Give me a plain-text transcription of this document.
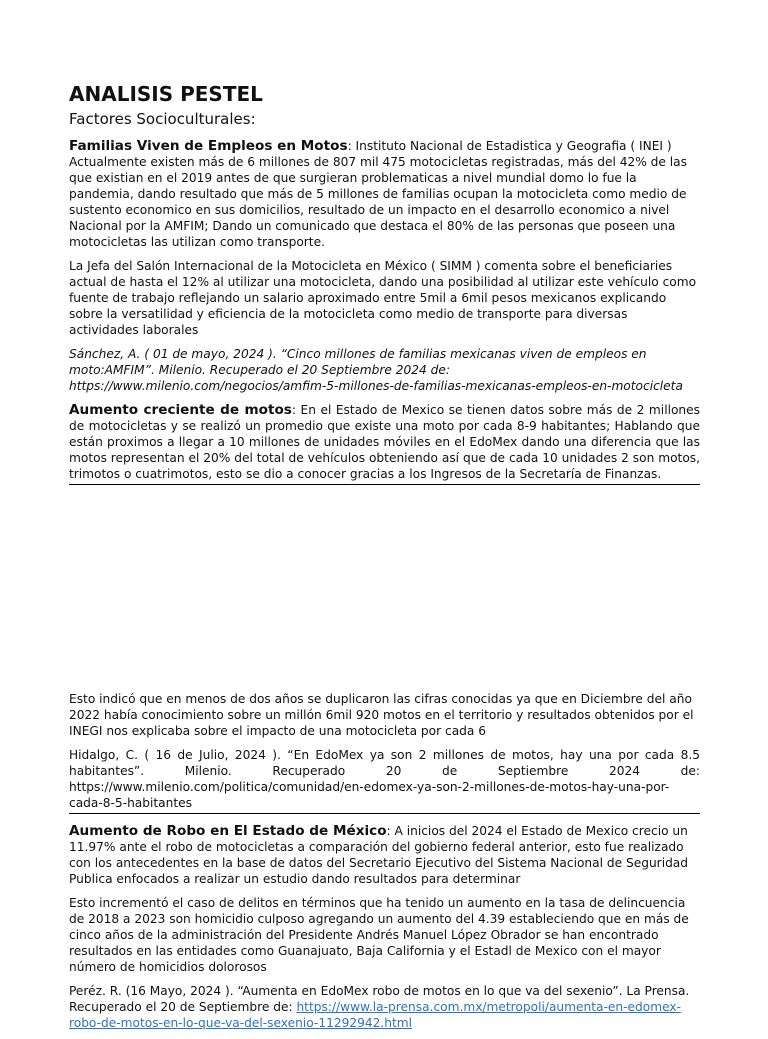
ANALISIS PESTEL
Factores Socioculturales:

Familias Viven de Empleos en Motos: Instituto Nacional de Estadistica y Geografia ( INEI ) Actualmente existen más de 6 millones de 807 mil 475 motocicletas registradas, más del 42% de las que existian en el 2019 antes de que surgieran problematicas a nivel mundial domo lo fue la pandemia, dando resultado que más de 5 millones de familias ocupan la motocicleta como medio de sustento economico en sus domicilios, resultado de un impacto en el desarrollo economico a nivel Nacional por la AMFIM; Dando un comunicado que destaca el 80% de las personas que poseen una motocicletas las utilizan como transporte.

La Jefa del Salón Internacional de la Motocicleta en México ( SIMM ) comenta sobre el beneficiaries actual de hasta el 12% al utilizar una motocicleta, dando una posibilidad al utilizar este vehículo como fuente de trabajo reflejando un salario aproximado entre 5mil a 6mil pesos mexicanos explicando sobre la versatilidad y eficiencia de la motocicleta como medio de transporte para diversas actividades laborales

Sánchez, A. ( 01 de mayo, 2024 ). “Cinco millones de familias mexicanas viven de empleos en moto:AMFIM”. Milenio. Recuperado el 20 Septiembre 2024 de: https://www.milenio.com/negocios/amfim-5-millones-de-familias-mexicanas-empleos-en-motocicleta

Aumento creciente de motos: En el Estado de Mexico se tienen datos sobre más de 2 millones de motocicletas y se realizó un promedio que existe una moto por cada 8-9 habitantes; Hablando que están proximos a llegar a 10 millones de unidades móviles en el EdoMex dando una diferencia que las motos representan el 20% del total de vehículos obteniendo así que de cada 10 unidades 2 son motos, trimotos o cuatrimotos, esto se dio a conocer gracias a los Ingresos de la Secretaría de Finanzas.

Esto indicó que en menos de dos años se duplicaron las cifras conocidas ya que en Diciembre del año 2022 había conocimiento sobre un millón 6mil 920 motos en el territorio y resultados obtenidos por el INEGI nos explicaba sobre el impacto de una motocicleta por cada 6

Hidalgo, C. ( 16 de Julio, 2024 ). “En EdoMex ya son 2 millones de motos, hay una por cada 8.5 habitantes”. Milenio. Recuperado 20 de Septiembre 2024 de: https://www.milenio.com/politica/comunidad/en-edomex-ya-son-2-millones-de-motos-hay-una-por-cada-8-5-habitantes

Aumento de Robo en El Estado de México: A inicios del 2024 el Estado de Mexico crecio un 11.97% ante el robo de motocicletas a comparación del gobierno federal anterior, esto fue realizado con los antecedentes en la base de datos del Secretario Ejecutivo del Sistema Nacional de Seguridad Publica enfocados a realizar un estudio dando resultados para determinar

Esto incrementó el caso de delitos en términos que ha tenido un aumento en la tasa de delincuencia de 2018 a 2023 son homicidio culposo agregando un aumento del 4.39 estableciendo que en más de cinco años de la administración del Presidente Andrés Manuel López Obrador se han encontrado resultados en las entidades como Guanajuato, Baja California y el Estadl de Mexico con el mayor número de homicidios dolorosos

Peréz. R. (16 Mayo, 2024 ). “Aumenta en EdoMex robo de motos en lo que va del sexenio”. La Prensa. Recuperado el 20 de Septiembre de: https://www.la-prensa.com.mx/metropoli/aumenta-en-edomex-robo-de-motos-en-lo-que-va-del-sexenio-11292942.html
